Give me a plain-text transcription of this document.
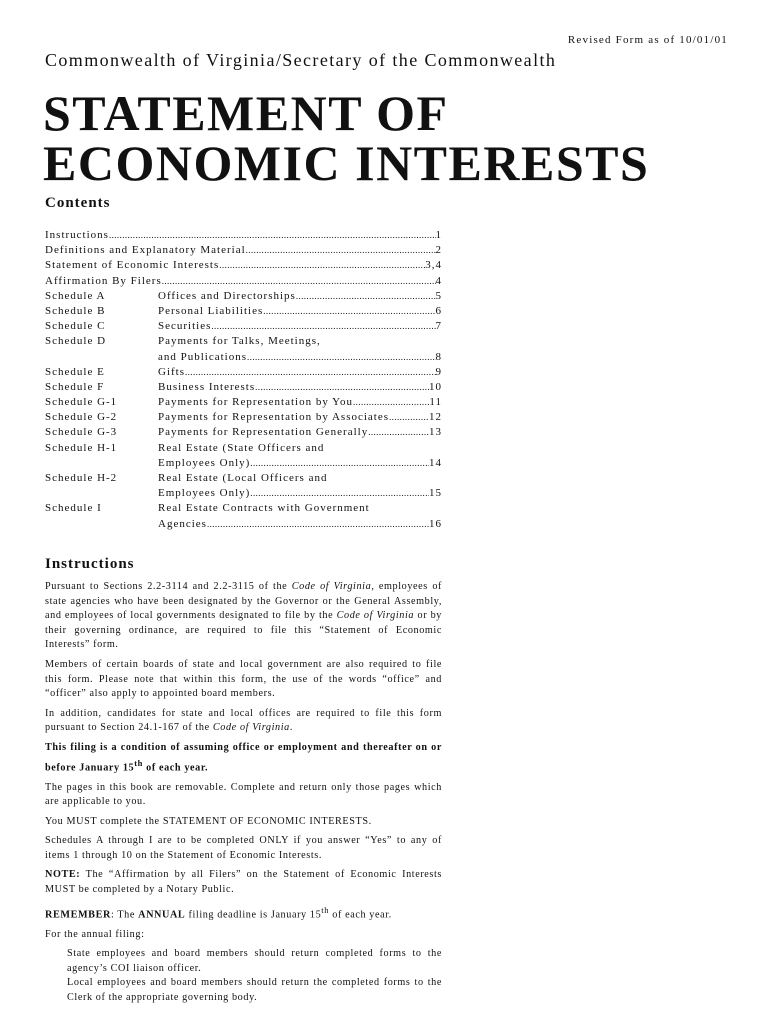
Revised Form as of 10/01/01
Commonwealth of Virginia/Secretary of the Commonwealth
STATEMENT OF
ECONOMIC INTERESTS
Contents
Instructions .....	1
Definitions and Explanatory Material .....	2
Statement of Economic Interests .....	3,4
Affirmation By Filers .....	4
Schedule A	Offices and Directorships .....	5
Schedule B	Personal Liabilities .....	6
Schedule C	Securities .....	7
Schedule D	Payments for Talks, Meetings,
and Publications .....	8
Schedule E	Gifts .....	9
Schedule F	Business Interests .....	10
Schedule G-1	Payments for Representation by You .....	11
Schedule G-2	Payments for Representation by Associates .....	12
Schedule G-3	Payments for Representation Generally .....	13
Schedule H-1	Real Estate (State Officers and
Employees Only) .....	14
Schedule H-2	Real Estate (Local Officers and
Employees Only) .....	15
Schedule I	Real Estate Contracts with Government
Agencies .....	16
Instructions

Pursuant to Sections 2.2-3114 and 2.2-3115 of the Code of Virginia, employees of state agencies who have been designated by the Governor or the General Assembly, and employees of local governments designated to file by the Code of Virginia or by their governing ordinance, are required to file this “Statement of Economic Interests” form.

Members of certain boards of state and local government are also required to file this form. Please note that within this form, the use of the words “office” and “officer” also apply to appointed board members.

In addition, candidates for state and local offices are required to file this form pursuant to Section 24.1-167 of the Code of Virginia.

This filing is a condition of assuming office or employment and thereafter on or before January 15th of each year.

The pages in this book are removable. Complete and return only those pages which are applicable to you.

You MUST complete the STATEMENT OF ECONOMIC INTERESTS.

Schedules A through I are to be completed ONLY if you answer “Yes” to any of items 1 through 10 on the Statement of Economic Interests.

NOTE: The “Affirmation by all Filers” on the Statement of Economic Interests MUST be completed by a Notary Public.

REMEMBER: The ANNUAL filing deadline is January 15th of each year.

For the annual filing:

State employees and board members should return completed forms to the agency’s COI liaison officer.

Local employees and board members should return the completed forms to the Clerk of the appropriate governing body.
